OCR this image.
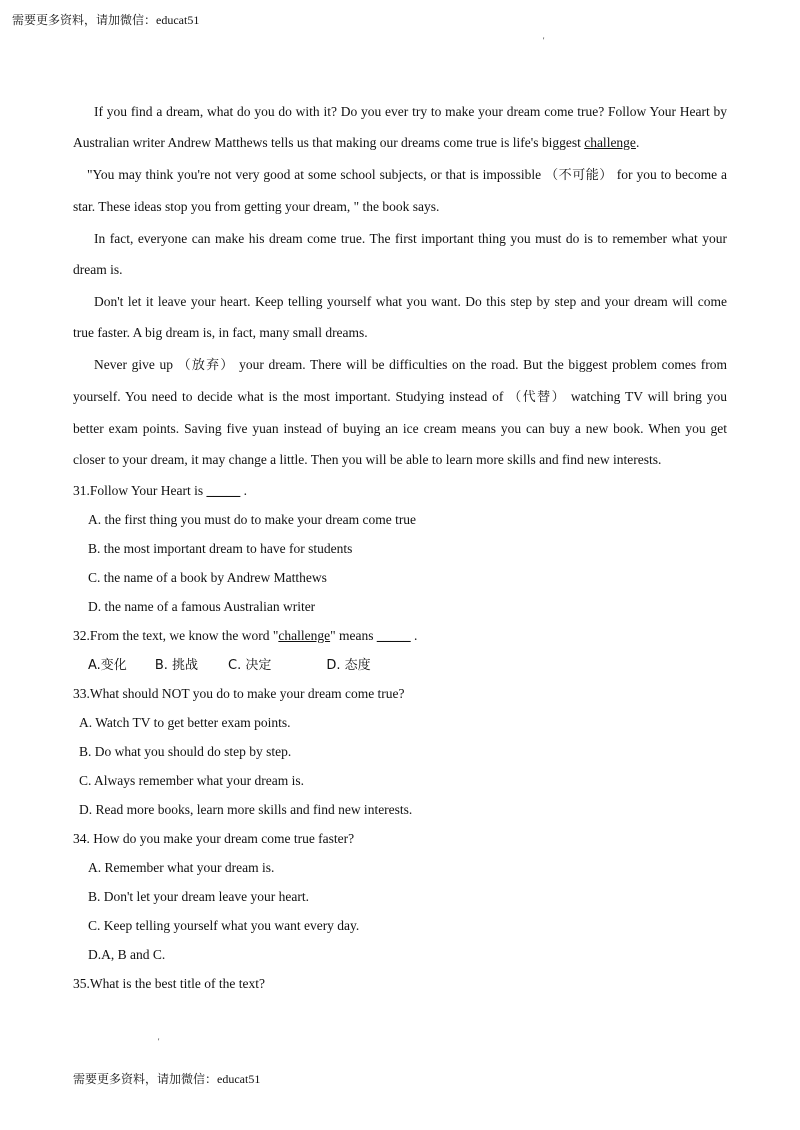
需要更多资料，请加微信：educat51
'

If you find a dream, what do you do with it? Do you ever try to make your dream come true? Follow Your Heart by Australian writer Andrew Matthews tells us that making our dreams come true is life's biggest challenge.

"You may think you're not very good at some school subjects, or that is impossible （不可能） for you to become a star. These ideas stop you from getting your dream, " the book says.

In fact, everyone can make his dream come true. The first important thing you must do is to remember what your dream is.

Don't let it leave your heart. Keep telling yourself what you want. Do this step by step and your dream will come true faster. A big dream is, in fact, many small dreams.

Never give up （放弃） your dream. There will be difficulties on the road. But the biggest problem comes from yourself. You need to decide what is the most important. Studying instead of （代替） watching TV will bring you better exam points. Saving five yuan instead of buying an ice cream means you can buy a new book. When you get closer to your dream, it may change a little. Then you will be able to learn more skills and find new interests.

31.Follow Your Heart is _____ .
A. the first thing you must do to make your dream come true
B. the most important dream to have for students
C. the name of a book by Andrew Matthews
D. the name of a famous Australian writer
32.From the text, we know the word "challenge" means _____ .
A.变化 B. 挑战 C. 决定	D. 态度
33.What should NOT you do to make your dream come true?
A. Watch TV to get better exam points.
B. Do what you should do step by step.
C. Always remember what your dream is.
D. Read more books, learn more skills and find new interests.
34. How do you make your dream come true faster?
A. Remember what your dream is.
B. Don't let your dream leave your heart.
C. Keep telling yourself what you want every day.
D.A, B and C.
35.What is the best title of the text?
'
需要更多资料，请加微信：educat51
